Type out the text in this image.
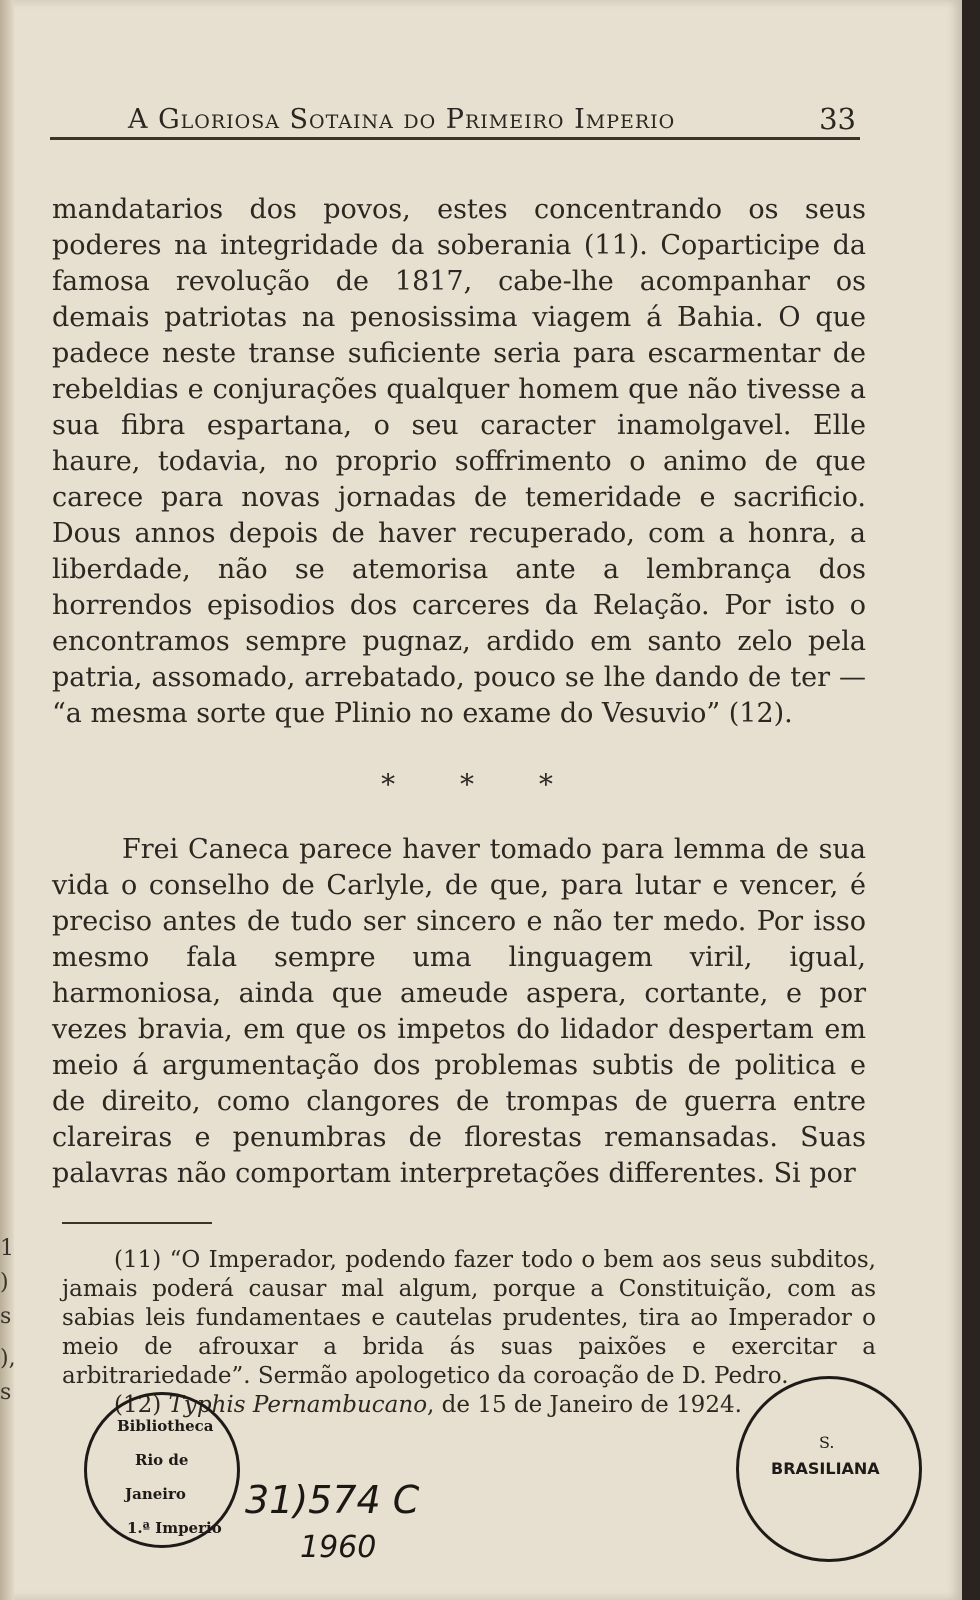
1
)
s
),
s
A Gloriosa Sotaina do Primeiro Imperio	33

mandatarios dos povos, estes concentrando os seus poderes na integridade da soberania (11). Coparticipe da famosa revolução de 1817, cabe-lhe acompanhar os demais patriotas na penosissima viagem á Bahia. O que padece neste transe suficiente seria para escarmentar de rebeldias e conjurações qualquer homem que não tivesse a sua fibra espartana, o seu caracter inamolgavel. Elle haure, todavia, no proprio soffrimento o animo de que carece para novas jornadas de temeridade e sacrificio. Dous annos depois de haver recuperado, com a honra, a liberdade, não se atemorisa ante a lembrança dos horrendos episodios dos carceres da Relação. Por isto o encontramos sempre pugnaz, ardido em santo zelo pela patria, assomado, arrebatado, pouco se lhe dando de ter — “a mesma sorte que Plinio no exame do Vesuvio” (12).

* * *

Frei Caneca parece haver tomado para lemma de sua vida o conselho de Carlyle, de que, para lutar e vencer, é preciso antes de tudo ser sincero e não ter medo. Por isso mesmo fala sempre uma linguagem viril, igual, harmoniosa, ainda que ameude aspera, cortante, e por vezes bravia, em que os impetos do lidador despertam em meio á argumentação dos problemas subtis de politica e de direito, como clangores de trompas de guerra entre clareiras e penumbras de florestas remansadas. Suas palavras não comportam interpretações differentes. Si por

(11) “O Imperador, podendo fazer todo o bem aos seus subditos, jamais poderá causar mal algum, porque a Constituição, com as sabias leis fundamentaes e cautelas prudentes, tira ao Imperador o meio de afrouxar a brida ás suas paixões e exercitar a arbitrariedade”. Sermão apologetico da coroação de D. Pedro.

(12) Typhis Pernambucano, de 15 de Janeiro de 1924.

Bibliotheca
Rio de
Janeiro
1.ª Imperio
S.
BRASILIANA
31)574 C
1960
